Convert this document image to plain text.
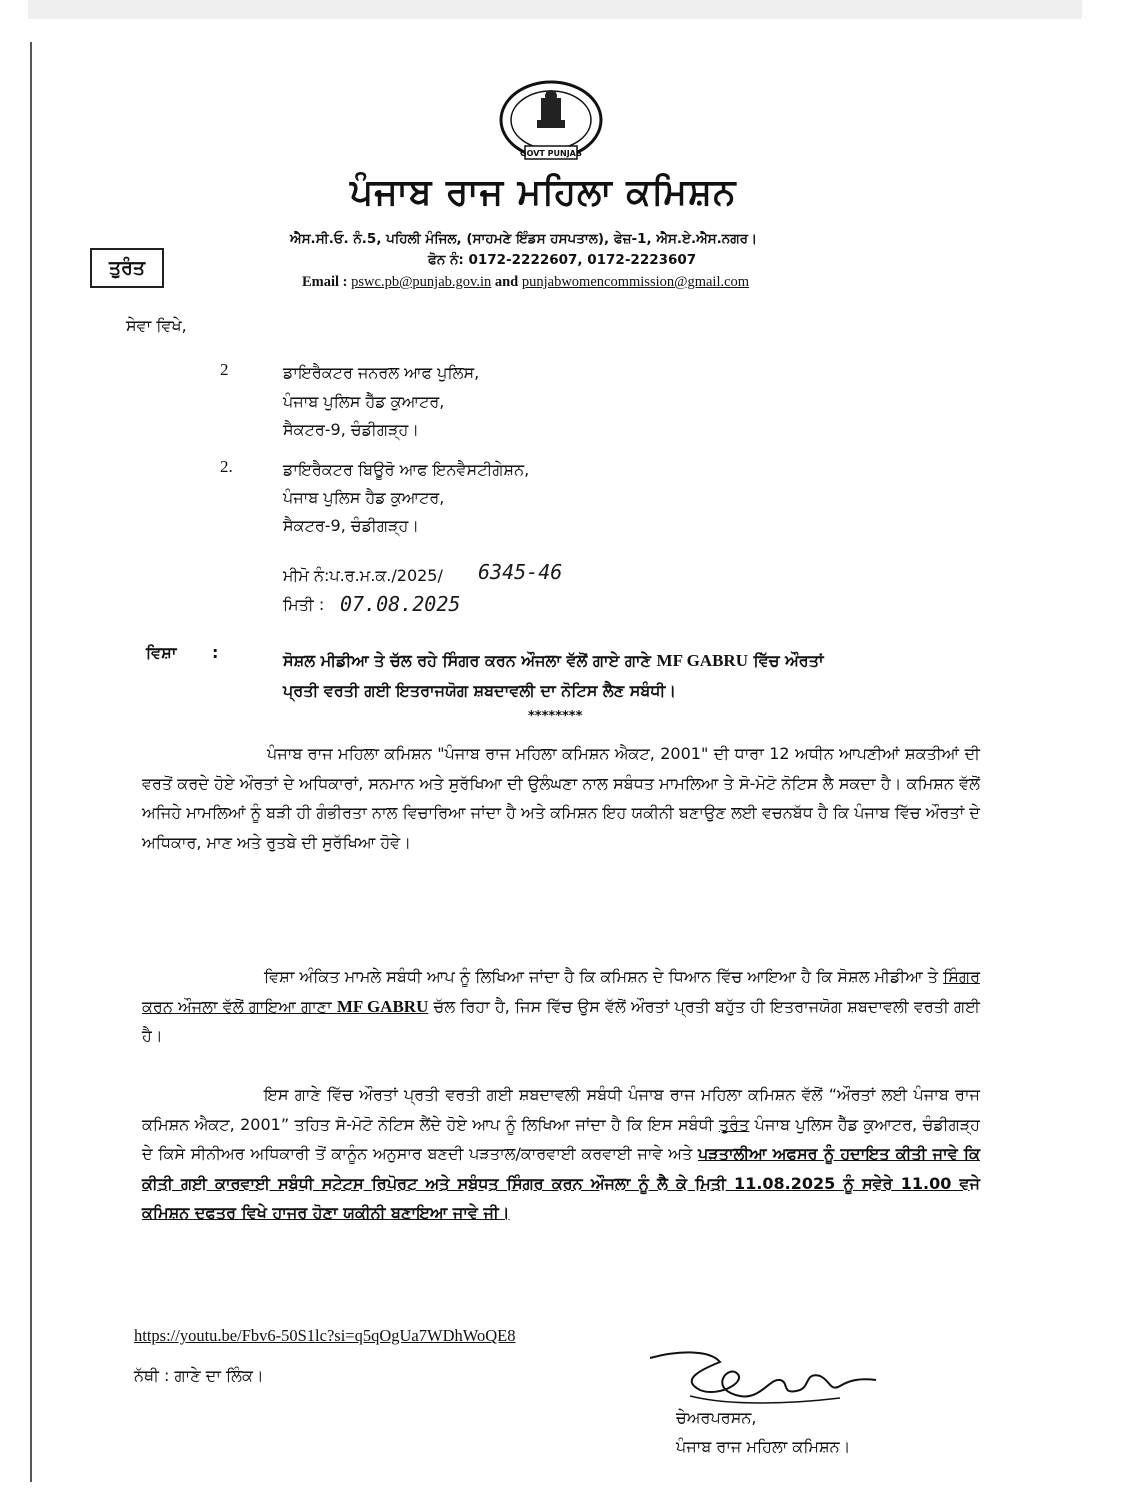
GOVT PUNJAB
ਪੰਜਾਬ ਰਾਜ ਮਹਿਲਾ ਕਮਿਸ਼ਨ
ਐਸ.ਸੀ.ਓ. ਨੰ.5, ਪਹਿਲੀ ਮੰਜਿਲ, (ਸਾਹਮਣੇ ਇੰਡਸ ਹਸਪਤਾਲ), ਫੇਜ਼-1, ਐਸ.ਏ.ਐਸ.ਨਗਰ।
ਫੋਨ ਨੰ: 0172-2222607, 0172-2223607
Email : pswc.pb@punjab.gov.in and punjabwomencommission@gmail.com
ਤੁਰੰਤ
ਸੇਵਾ ਵਿਖੇ,
2	ਡਾਇਰੈਕਟਰ ਜਨਰਲ ਆਫ ਪੁਲਿਸ,
ਪੰਜਾਬ ਪੁਲਿਸ ਹੈੱਡ ਕੁਆਟਰ,
ਸੈਕਟਰ-9, ਚੰਡੀਗੜ੍ਹ।
2.	ਡਾਇਰੈਕਟਰ ਬਿਊਰੋ ਆਫ ਇਨਵੈਸਟੀਗੇਸ਼ਨ,
ਪੰਜਾਬ ਪੁਲਿਸ ਹੈਡ ਕੁਆਟਰ,
ਸੈਕਟਰ-9, ਚੰਡੀਗੜ੍ਹ।
ਮੀਮੋ ਨੰ:ਪ.ਰ.ਮ.ਕ./2025/ 6345-46
ਮਿਤੀ : 07.08.2025
ਵਿਸ਼ਾ :	ਸੋਸ਼ਲ ਮੀਡੀਆ ਤੇ ਚੱਲ ਰਹੇ ਸਿੰਗਰ ਕਰਨ ਔਜਲਾ ਵੱਲੋਂ ਗਾਏ ਗਾਣੇ MF GABRU ਵਿੱਚ ਔਰਤਾਂ
ਪ੍ਰਤੀ ਵਰਤੀ ਗਈ ਇਤਰਾਜਯੋਗ ਸ਼ਬਦਾਵਲੀ ਦਾ ਨੋਟਿਸ ਲੈਣ ਸਬੰਧੀ।
********
ਪੰਜਾਬ ਰਾਜ ਮਹਿਲਾ ਕਮਿਸ਼ਨ "ਪੰਜਾਬ ਰਾਜ ਮਹਿਲਾ ਕਮਿਸ਼ਨ ਐਕਟ, 2001" ਦੀ ਧਾਰਾ 12 ਅਧੀਨ ਆਪਣੀਆਂ ਸ਼ਕਤੀਆਂ ਦੀ ਵਰਤੋਂ ਕਰਦੇ ਹੋਏ ਔਰਤਾਂ ਦੇ ਅਧਿਕਾਰਾਂ, ਸਨਮਾਨ ਅਤੇ ਸੁਰੱਖਿਆ ਦੀ ਉਲੰਘਣਾ ਨਾਲ ਸਬੰਧਤ ਮਾਮਲਿਆ ਤੇ ਸੋ-ਮੋਟੋ ਨੋਟਿਸ ਲੈ ਸਕਦਾ ਹੈ। ਕਮਿਸ਼ਨ ਵੱਲੋਂ ਅਜਿਹੇ ਮਾਮਲਿਆਂ ਨੂੰ ਬੜੀ ਹੀ ਗੰਭੀਰਤਾ ਨਾਲ ਵਿਚਾਰਿਆ ਜਾਂਦਾ ਹੈ ਅਤੇ ਕਮਿਸ਼ਨ ਇਹ ਯਕੀਨੀ ਬਣਾਉਣ ਲਈ ਵਚਨਬੱਧ ਹੈ ਕਿ ਪੰਜਾਬ ਵਿੱਚ ਔਰਤਾਂ ਦੇ ਅਧਿਕਾਰ, ਮਾਣ ਅਤੇ ਰੁਤਬੇ ਦੀ ਸੁਰੱਖਿਆ ਹੋਵੇ।
ਵਿਸ਼ਾ ਅੰਕਿਤ ਮਾਮਲੇ ਸਬੰਧੀ ਆਪ ਨੂੰ ਲਿਖਿਆ ਜਾਂਦਾ ਹੈ ਕਿ ਕਮਿਸ਼ਨ ਦੇ ਧਿਆਨ ਵਿੱਚ ਆਇਆ ਹੈ ਕਿ ਸੋਸ਼ਲ ਮੀਡੀਆ ਤੇ ਸਿੰਗਰ ਕਰਨ ਔਜਲਾ ਵੱਲੋਂ ਗਾਇਆ ਗਾਣਾ MF GABRU ਚੱਲ ਰਿਹਾ ਹੈ, ਜਿਸ ਵਿੱਚ ਉਸ ਵੱਲੋਂ ਔਰਤਾਂ ਪ੍ਰਤੀ ਬਹੁੱਤ ਹੀ ਇਤਰਾਜਯੋਗ ਸ਼ਬਦਾਵਲੀ ਵਰਤੀ ਗਈ ਹੈ।
ਇਸ ਗਾਣੇ ਵਿੱਚ ਔਰਤਾਂ ਪ੍ਰਤੀ ਵਰਤੀ ਗਈ ਸ਼ਬਦਾਵਲੀ ਸਬੰਧੀ ਪੰਜਾਬ ਰਾਜ ਮਹਿਲਾ ਕਮਿਸ਼ਨ ਵੱਲੋਂ “ਔਰਤਾਂ ਲਈ ਪੰਜਾਬ ਰਾਜ ਕਮਿਸ਼ਨ ਐਕਟ, 2001” ਤਹਿਤ ਸੋ-ਮੋਟੋ ਨੋਟਿਸ ਲੈਂਦੇ ਹੋਏ ਆਪ ਨੂੰ ਲਿਖਿਆ ਜਾਂਦਾ ਹੈ ਕਿ ਇਸ ਸਬੰਧੀ ਤੁਰੰਤ ਪੰਜਾਬ ਪੁਲਿਸ ਹੈੱਡ ਕੁਆਟਰ, ਚੰਡੀਗੜ੍ਹ ਦੇ ਕਿਸੇ ਸੀਨੀਅਰ ਅਧਿਕਾਰੀ ਤੋਂ ਕਾਨੂੰਨ ਅਨੁਸਾਰ ਬਣਦੀ ਪੜਤਾਲ/ਕਾਰਵਾਈ ਕਰਵਾਈ ਜਾਵੇ ਅਤੇ ਪੜਤਾਲੀਆ ਅਫਸਰ ਨੂੰ ਹਦਾਇਤ ਕੀਤੀ ਜਾਵੇ ਕਿ ਕੀਤੀ ਗਈ ਕਾਰਵਾਈ ਸਬੰਧੀ ਸਟੇਟਸ ਰਿਪੋਰਟ ਅਤੇ ਸਬੰਧਤ ਸਿੰਗਰ ਕਰਨ ਔਜਲਾ ਨੂੰ ਲੈ ਕੇ ਮਿਤੀ 11.08.2025 ਨੂੰ ਸਵੇਰੇ 11.00 ਵਜੇ ਕਮਿਸ਼ਨ ਦਫਤਰ ਵਿਖੇ ਹਾਜਰ ਹੋਣਾ ਯਕੀਨੀ ਬਣਾਇਆ ਜਾਵੇ ਜੀ।
https://youtu.be/Fbv6-50S1lc?si=q5qOgUa7WDhWoQE8
ਨੱਥੀ : ਗਾਣੇ ਦਾ ਲਿੰਕ।
ਚੇਅਰਪਰਸਨ,
ਪੰਜਾਬ ਰਾਜ ਮਹਿਲਾ ਕਮਿਸ਼ਨ।
